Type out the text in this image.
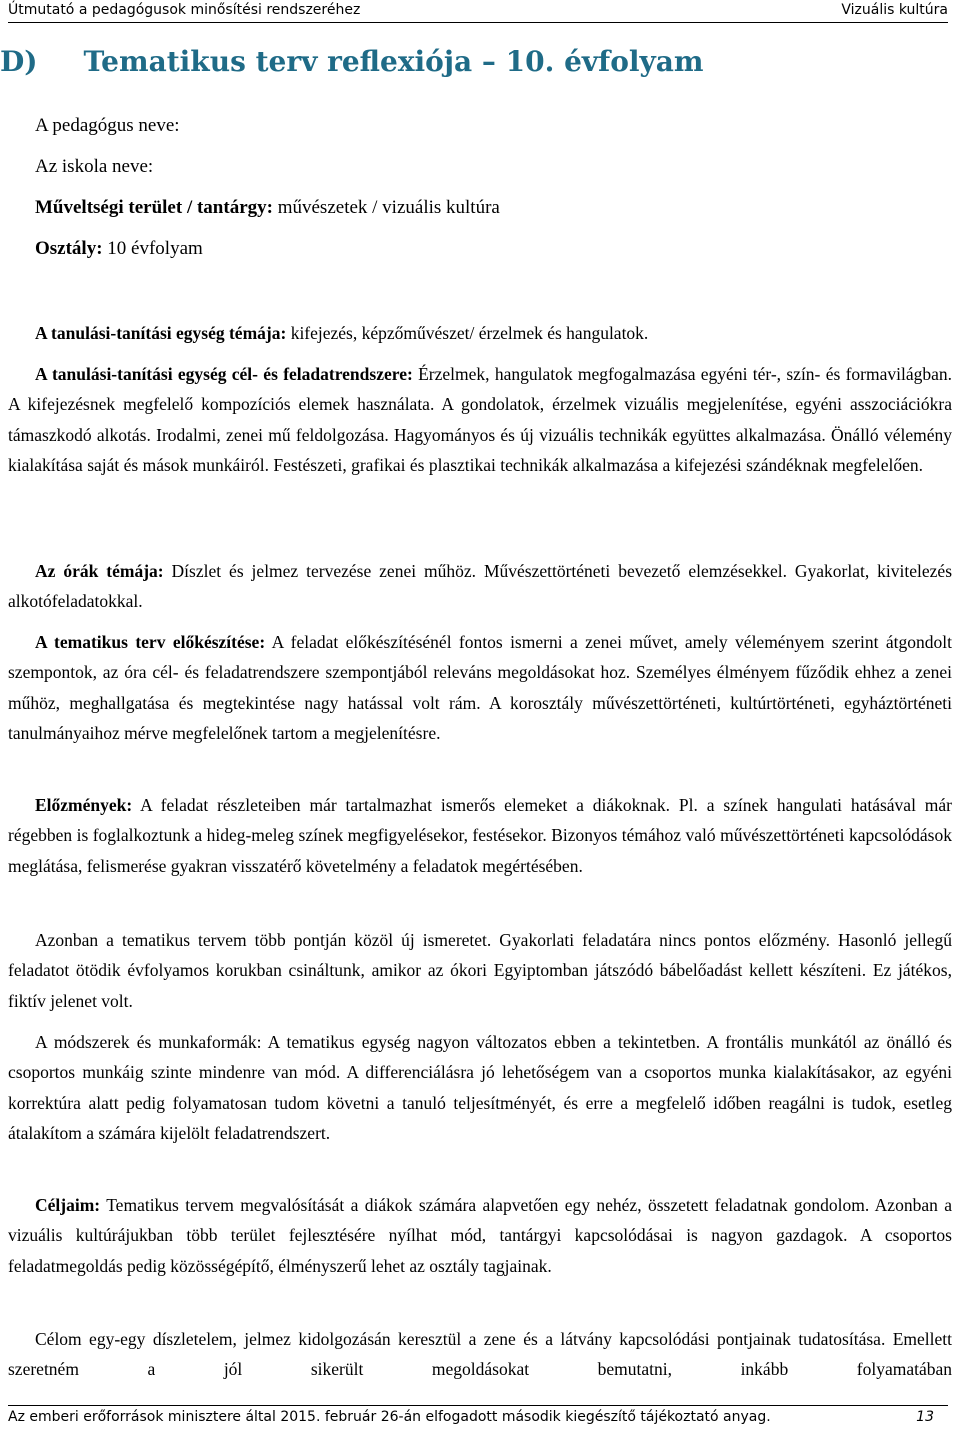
Útmutató a pedagógusok minősítési rendszeréhez	Vizuális kultúra
D) Tematikus terv reflexiója – 10. évfolyam
A pedagógus neve:
Az iskola neve:
Műveltségi terület / tantárgy: művészetek / vizuális kultúra
Osztály: 10 évfolyam

A tanulási-tanítási egység témája: kifejezés, képzőművészet/ érzelmek és hangulatok.

A tanulási-tanítási egység cél- és feladatrendszere: Érzelmek, hangulatok megfogalmazása egyéni tér-, szín- és formavilágban. A kifejezésnek megfelelő kompozíciós elemek használata. A gondolatok, érzelmek vizuális megjelenítése, egyéni asszociációkra támaszkodó alkotás. Irodalmi, zenei mű feldolgozása. Hagyományos és új vizuális technikák együttes alkalmazása. Önálló vélemény kialakítása saját és mások munkáiról. Festészeti, grafikai és plasztikai technikák alkalmazása a kifejezési szándéknak megfelelően.

Az órák témája: Díszlet és jelmez tervezése zenei műhöz. Művészettörténeti bevezető elemzésekkel. Gyakorlat, kivitelezés alkotófeladatokkal.

A tematikus terv előkészítése: A feladat előkészítésénél fontos ismerni a zenei művet, amely véleményem szerint átgondolt szempontok, az óra cél- és feladatrendszere szempontjából releváns megoldásokat hoz. Személyes élményem fűződik ehhez a zenei műhöz, meghallgatása és megtekintése nagy hatással volt rám. A korosztály művészettörténeti, kultúrtörténeti, egyháztörténeti tanulmányaihoz mérve megfelelőnek tartom a megjelenítésre.

Előzmények: A feladat részleteiben már tartalmazhat ismerős elemeket a diákoknak. Pl. a színek hangulati hatásával már régebben is foglalkoztunk a hideg-meleg színek megfigyelésekor, festésekor. Bizonyos témához való művészettörténeti kapcsolódások meglátása, felismerése gyakran visszatérő követelmény a feladatok megértésében.

Azonban a tematikus tervem több pontján közöl új ismeretet. Gyakorlati feladatára nincs pontos előzmény. Hasonló jellegű feladatot ötödik évfolyamos korukban csináltunk, amikor az ókori Egyiptomban játszódó bábelőadást kellett készíteni. Ez játékos, fiktív jelenet volt.

A módszerek és munkaformák: A tematikus egység nagyon változatos ebben a tekintetben. A frontális munkától az önálló és csoportos munkáig szinte mindenre van mód. A differenciálásra jó lehetőségem van a csoportos munka kialakításakor, az egyéni korrektúra alatt pedig folyamatosan tudom követni a tanuló teljesítményét, és erre a megfelelő időben reagálni is tudok, esetleg átalakítom a számára kijelölt feladatrendszert.

Céljaim: Tematikus tervem megvalósítását a diákok számára alapvetően egy nehéz, összetett feladatnak gondolom. Azonban a vizuális kultúrájukban több terület fejlesztésére nyílhat mód, tantárgyi kapcsolódásai is nagyon gazdagok. A csoportos feladatmegoldás pedig közösségépítő, élményszerű lehet az osztály tagjainak.

Célom egy-egy díszletelem, jelmez kidolgozásán keresztül a zene és a látvány kapcsolódási pontjainak tudatosítása. Emellett szeretném a jól sikerült megoldásokat bemutatni, inkább folyamatában

Az emberi erőforrások minisztere által 2015. február 26-án elfogadott második kiegészítő tájékoztató anyag.	13
